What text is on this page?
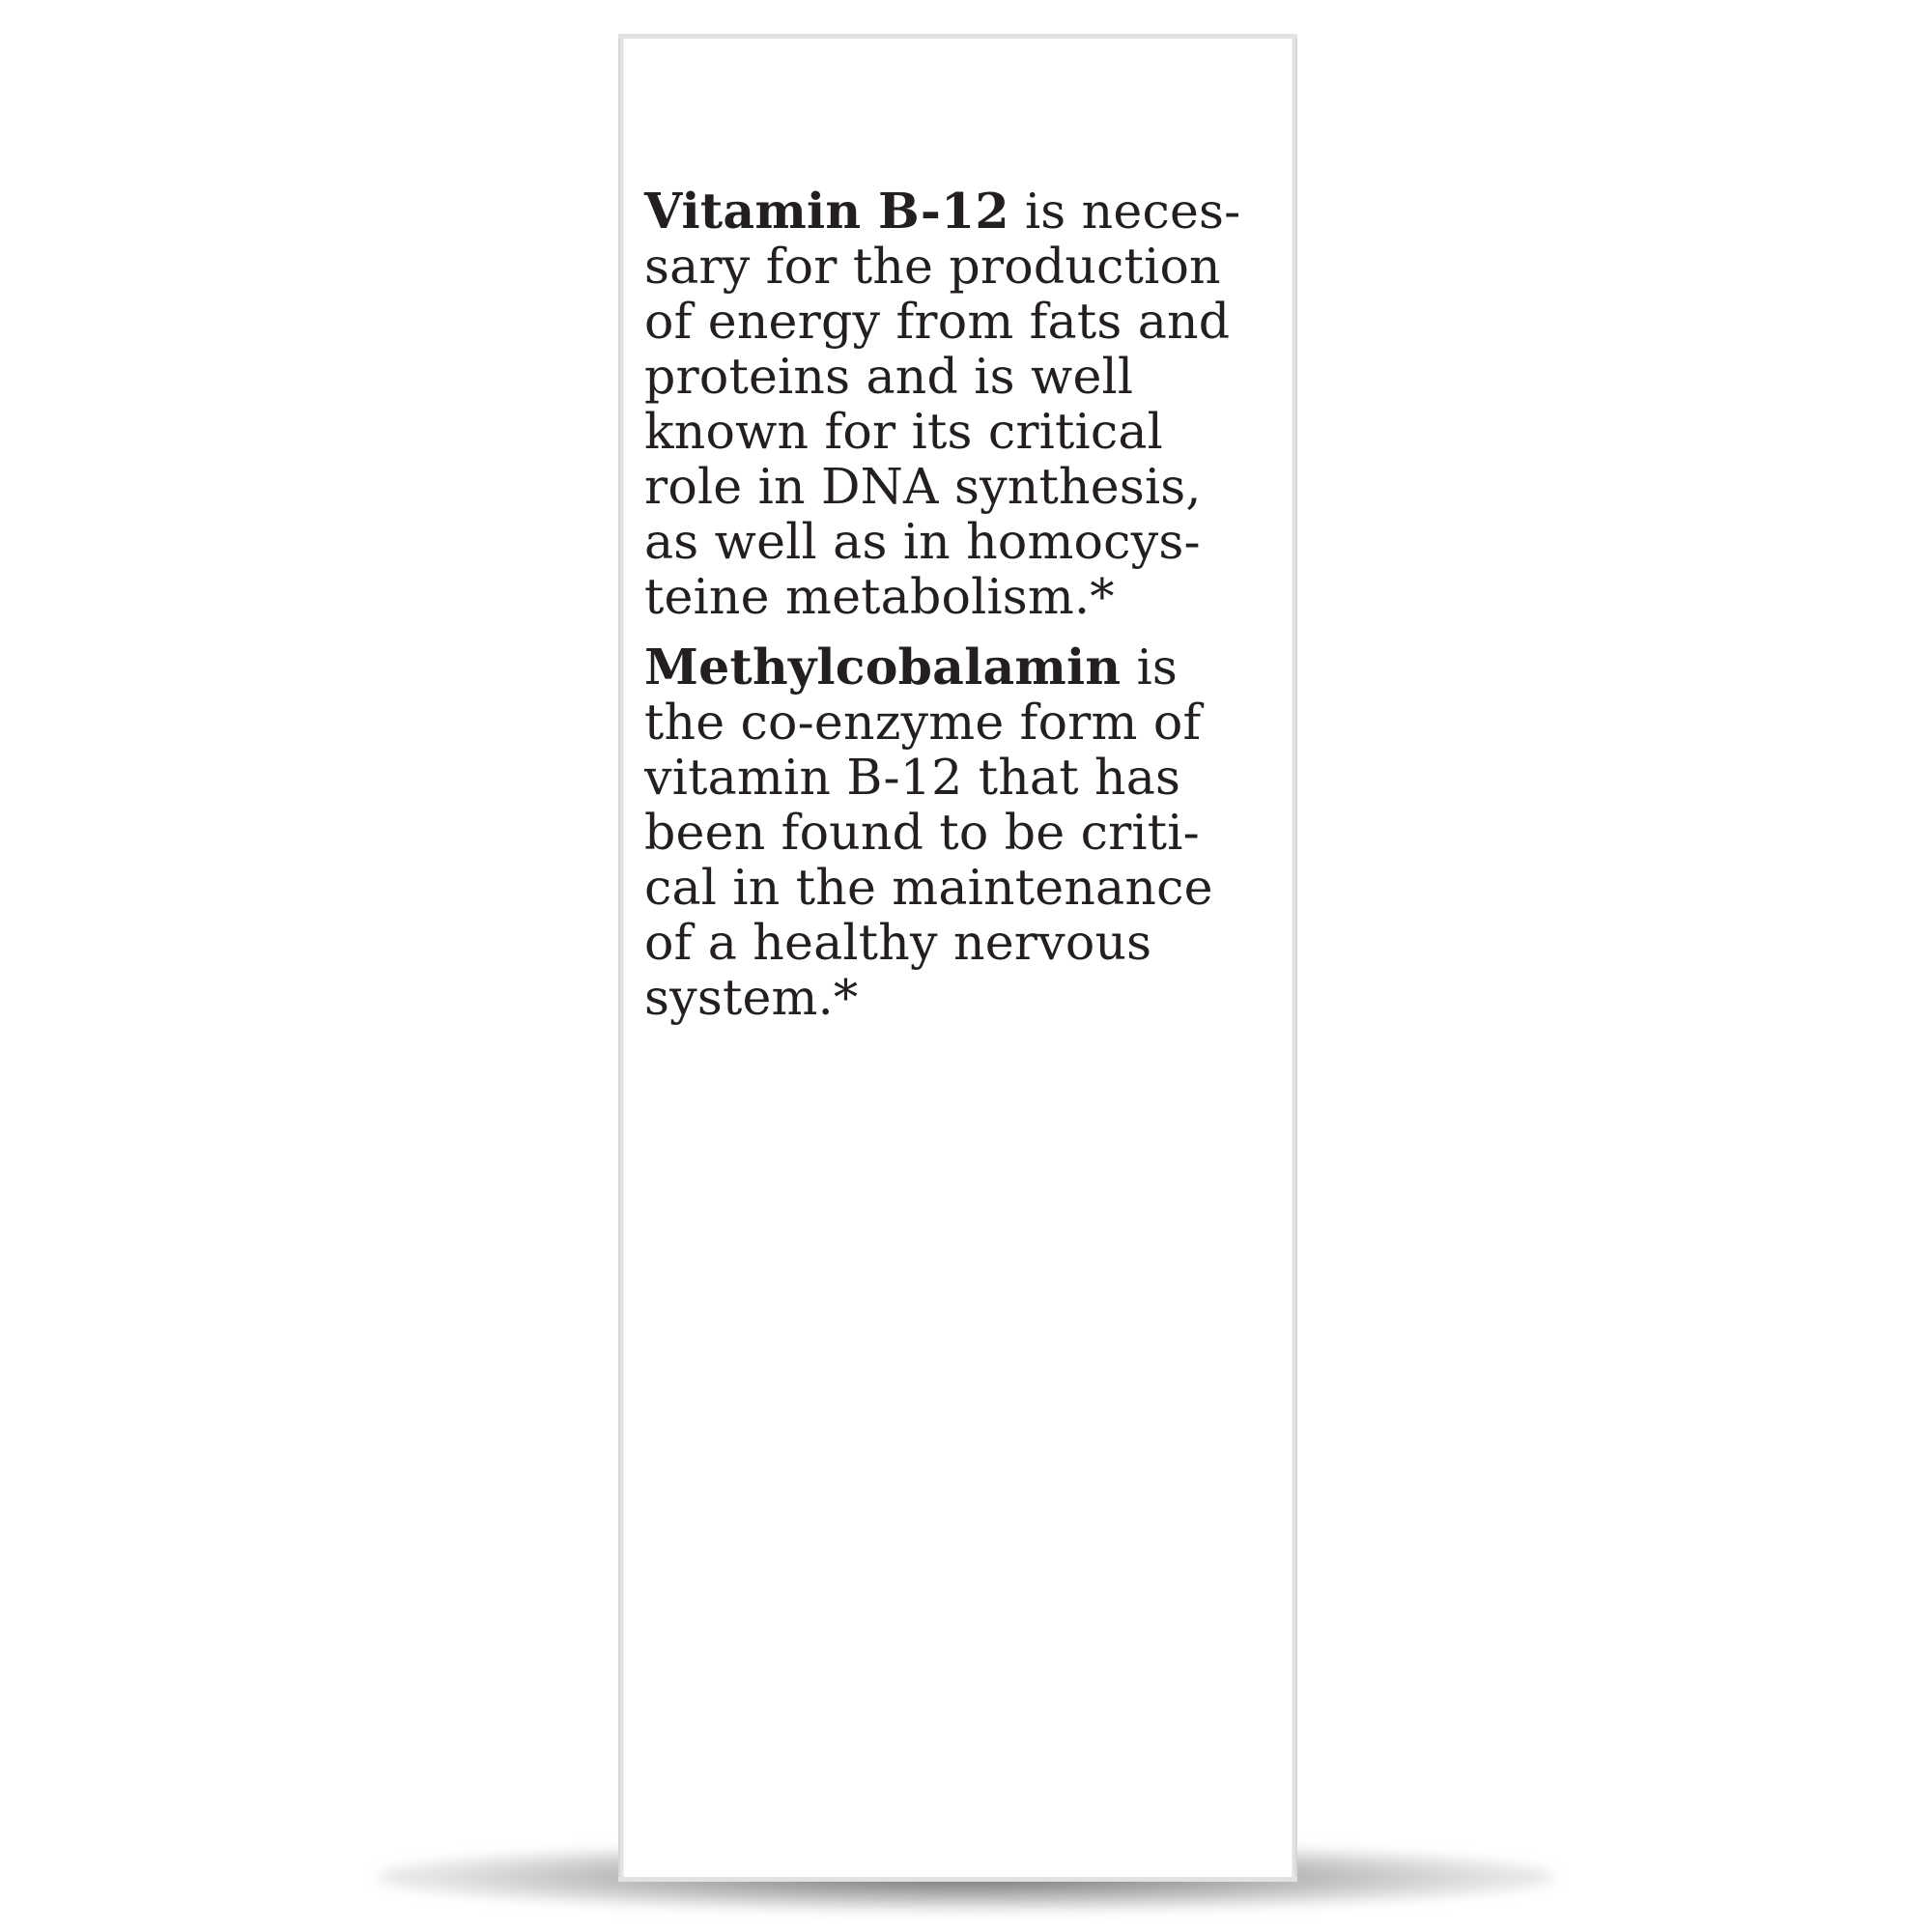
Vitamin B-12 is neces-
sary for the production
of energy from fats and
proteins and is well
known for its critical
role in DNA synthesis,
as well as in homocys-
teine metabolism.*

Methylcobalamin is
the co-enzyme form of
vitamin B-12 that has
been found to be criti-
cal in the maintenance
of a healthy nervous
system.*
